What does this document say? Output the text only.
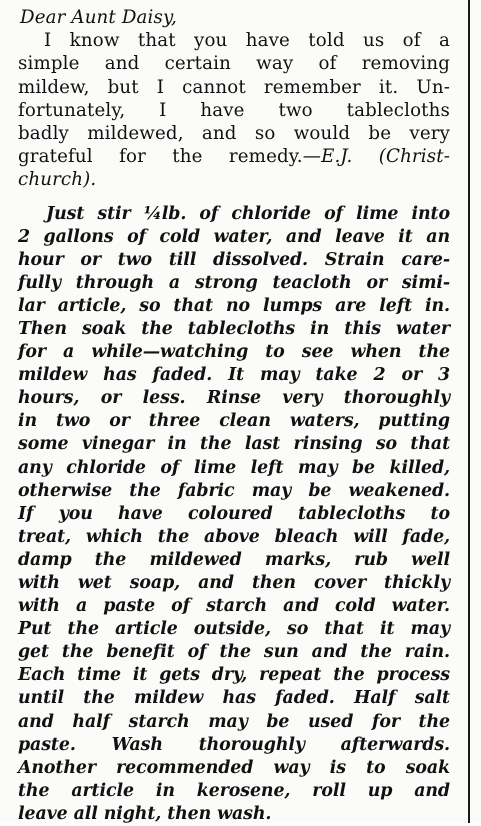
Dear Aunt Daisy,
I know that you have told us of a
simple and certain way of removing
mildew, but I cannot remember it. Un-
fortunately, I have two tablecloths
badly mildewed, and so would be very
grateful for the remedy.—E.J. (Christ-
church).
Just stir ¼lb. of chloride of lime into
2 gallons of cold water, and leave it an
hour or two till dissolved. Strain care-
fully through a strong teacloth or simi-
lar article, so that no lumps are left in.
Then soak the tablecloths in this water
for a while—watching to see when the
mildew has faded. It may take 2 or 3
hours, or less. Rinse very thoroughly
in two or three clean waters, putting
some vinegar in the last rinsing so that
any chloride of lime left may be killed,
otherwise the fabric may be weakened.
If you have coloured tablecloths to
treat, which the above bleach will fade,
damp the mildewed marks, rub well
with wet soap, and then cover thickly
with a paste of starch and cold water.
Put the article outside, so that it may
get the benefit of the sun and the rain.
Each time it gets dry, repeat the process
until the mildew has faded. Half salt
and half starch may be used for the
paste. Wash thoroughly afterwards.
Another recommended way is to soak
the article in kerosene, roll up and
leave all night, then wash.
